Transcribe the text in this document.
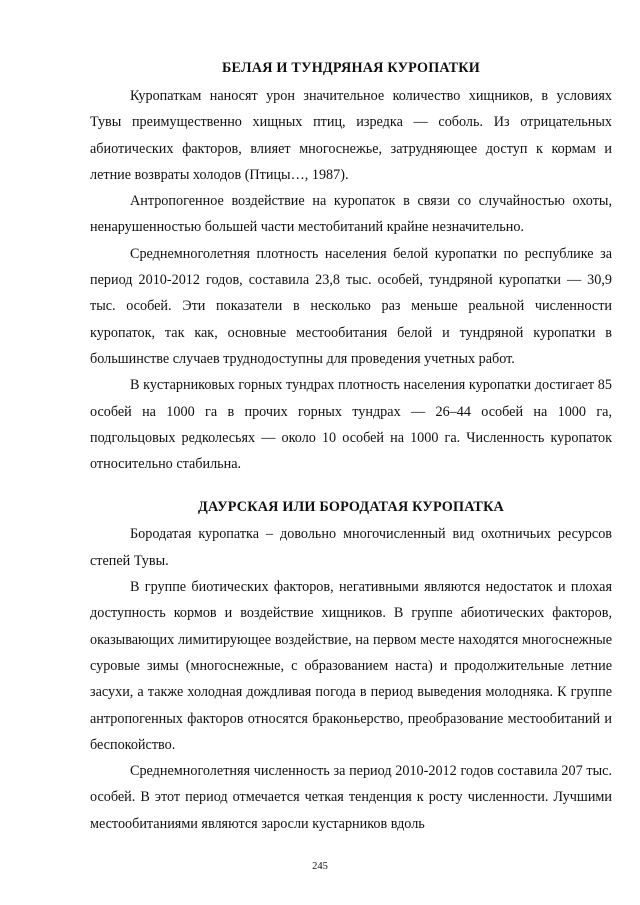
БЕЛАЯ И ТУНДРЯНАЯ КУРОПАТКИ

Куропаткам наносят урон значительное количество хищников, в условиях Тувы преимущественно хищных птиц, изредка — соболь. Из отрицательных абиотических факторов, влияет многоснежье, затрудняющее доступ к кормам и летние возвраты холодов (Птицы…, 1987).

Антропогенное воздействие на куропаток в связи со случайностью охоты, ненарушенностью большей части местобитаний крайне незначительно.

Среднемноголетняя плотность населения белой куропатки по республике за период 2010-2012 годов, составила 23,8 тыс. особей, тундряной куропатки — 30,9 тыс. особей. Эти показатели в несколько раз меньше реальной численности куропаток, так как, основные местообитания белой и тундряной куропатки в большинстве случаев труднодоступны для проведения учетных работ.

В кустарниковых горных тундрах плотность населения куропатки достигает 85 особей на 1000 га в прочих горных тундрах — 26–44 особей на 1000 га, подгольцовых редколесьях — около 10 особей на 1000 га. Численность куропаток относительно стабильна.

ДАУРСКАЯ ИЛИ БОРОДАТАЯ КУРОПАТКА

Бородатая куропатка – довольно многочисленный вид охотничьих ресурсов степей Тувы.

В группе биотических факторов, негативными являются недостаток и плохая доступность кормов и воздействие хищников. В группе абиотических факторов, оказывающих лимитирующее воздействие, на первом месте находятся многоснежные суровые зимы (многоснежные, с образованием наста) и продолжительные летние засухи, а также холодная дождливая погода в период выведения молодняка. К группе антропогенных факторов относятся браконьерство, преобразование местообитаний и беспокойство.

Среднемноголетняя численность за период 2010-2012 годов составила 207 тыс. особей. В этот период отмечается четкая тенденция к росту численности. Лучшими местообитаниями являются заросли кустарников вдоль

245
